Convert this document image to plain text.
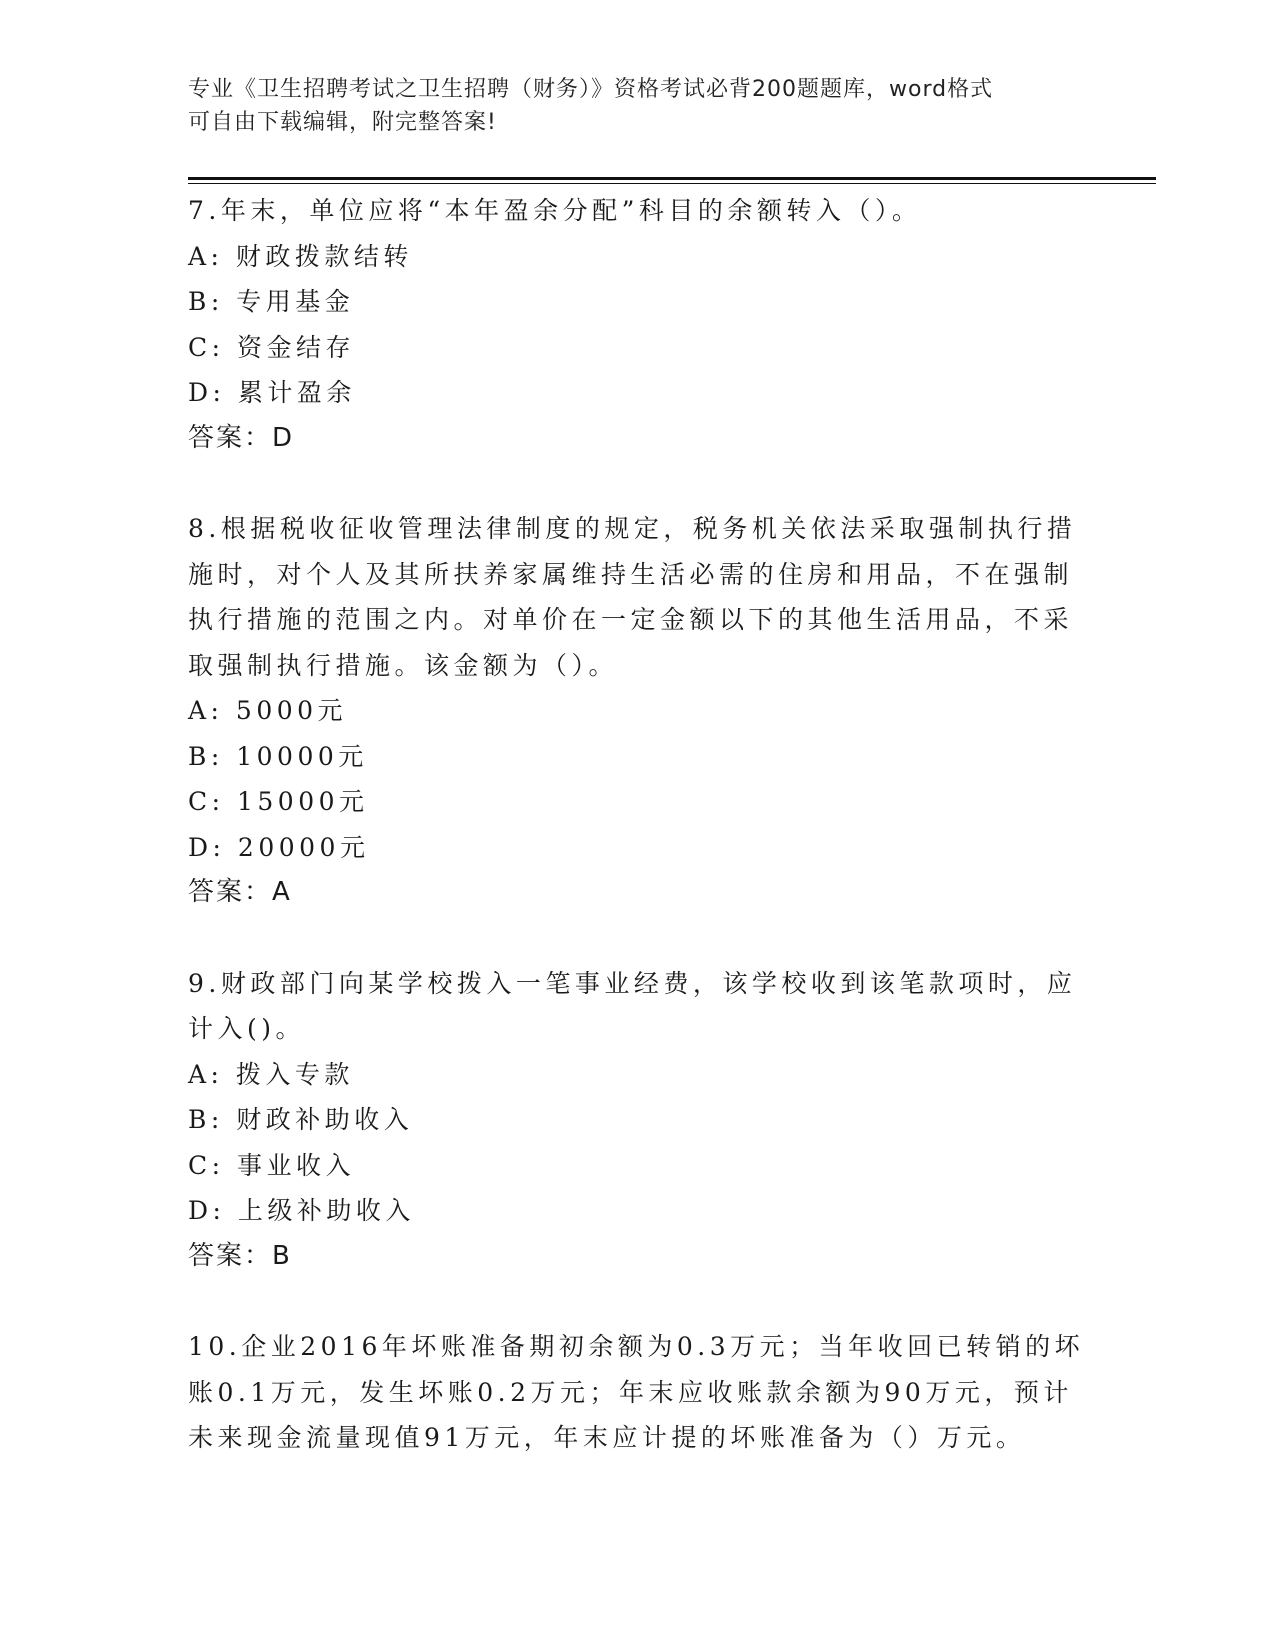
专业《卫生招聘考试之卫生招聘（财务）》资格考试必背200题题库，word格式
可自由下载编辑，附完整答案!

7.年末，单位应将“本年盈余分配”科目的余额转入（）。

A: 财政拨款结转

B: 专用基金

C: 资金结存

D: 累计盈余

答案：D

8.根据税收征收管理法律制度的规定，税务机关依法采取强制执行措施时，对个人及其所扶养家属维持生活必需的住房和用品，不在强制执行措施的范围之内。对单价在一定金额以下的其他生活用品，不采取强制执行措施。该金额为（）。

A: 5000元

B: 10000元

C: 15000元

D: 20000元

答案：A

9.财政部门向某学校拨入一笔事业经费，该学校收到该笔款项时，应计入()。

A: 拨入专款

B: 财政补助收入

C: 事业收入

D: 上级补助收入

答案：B

10.企业2016年坏账准备期初余额为0.3万元；当年收回已转销的坏账0.1万元，发生坏账0.2万元；年末应收账款余额为90万元，预计未来现金流量现值91万元，年末应计提的坏账准备为（）万元。
